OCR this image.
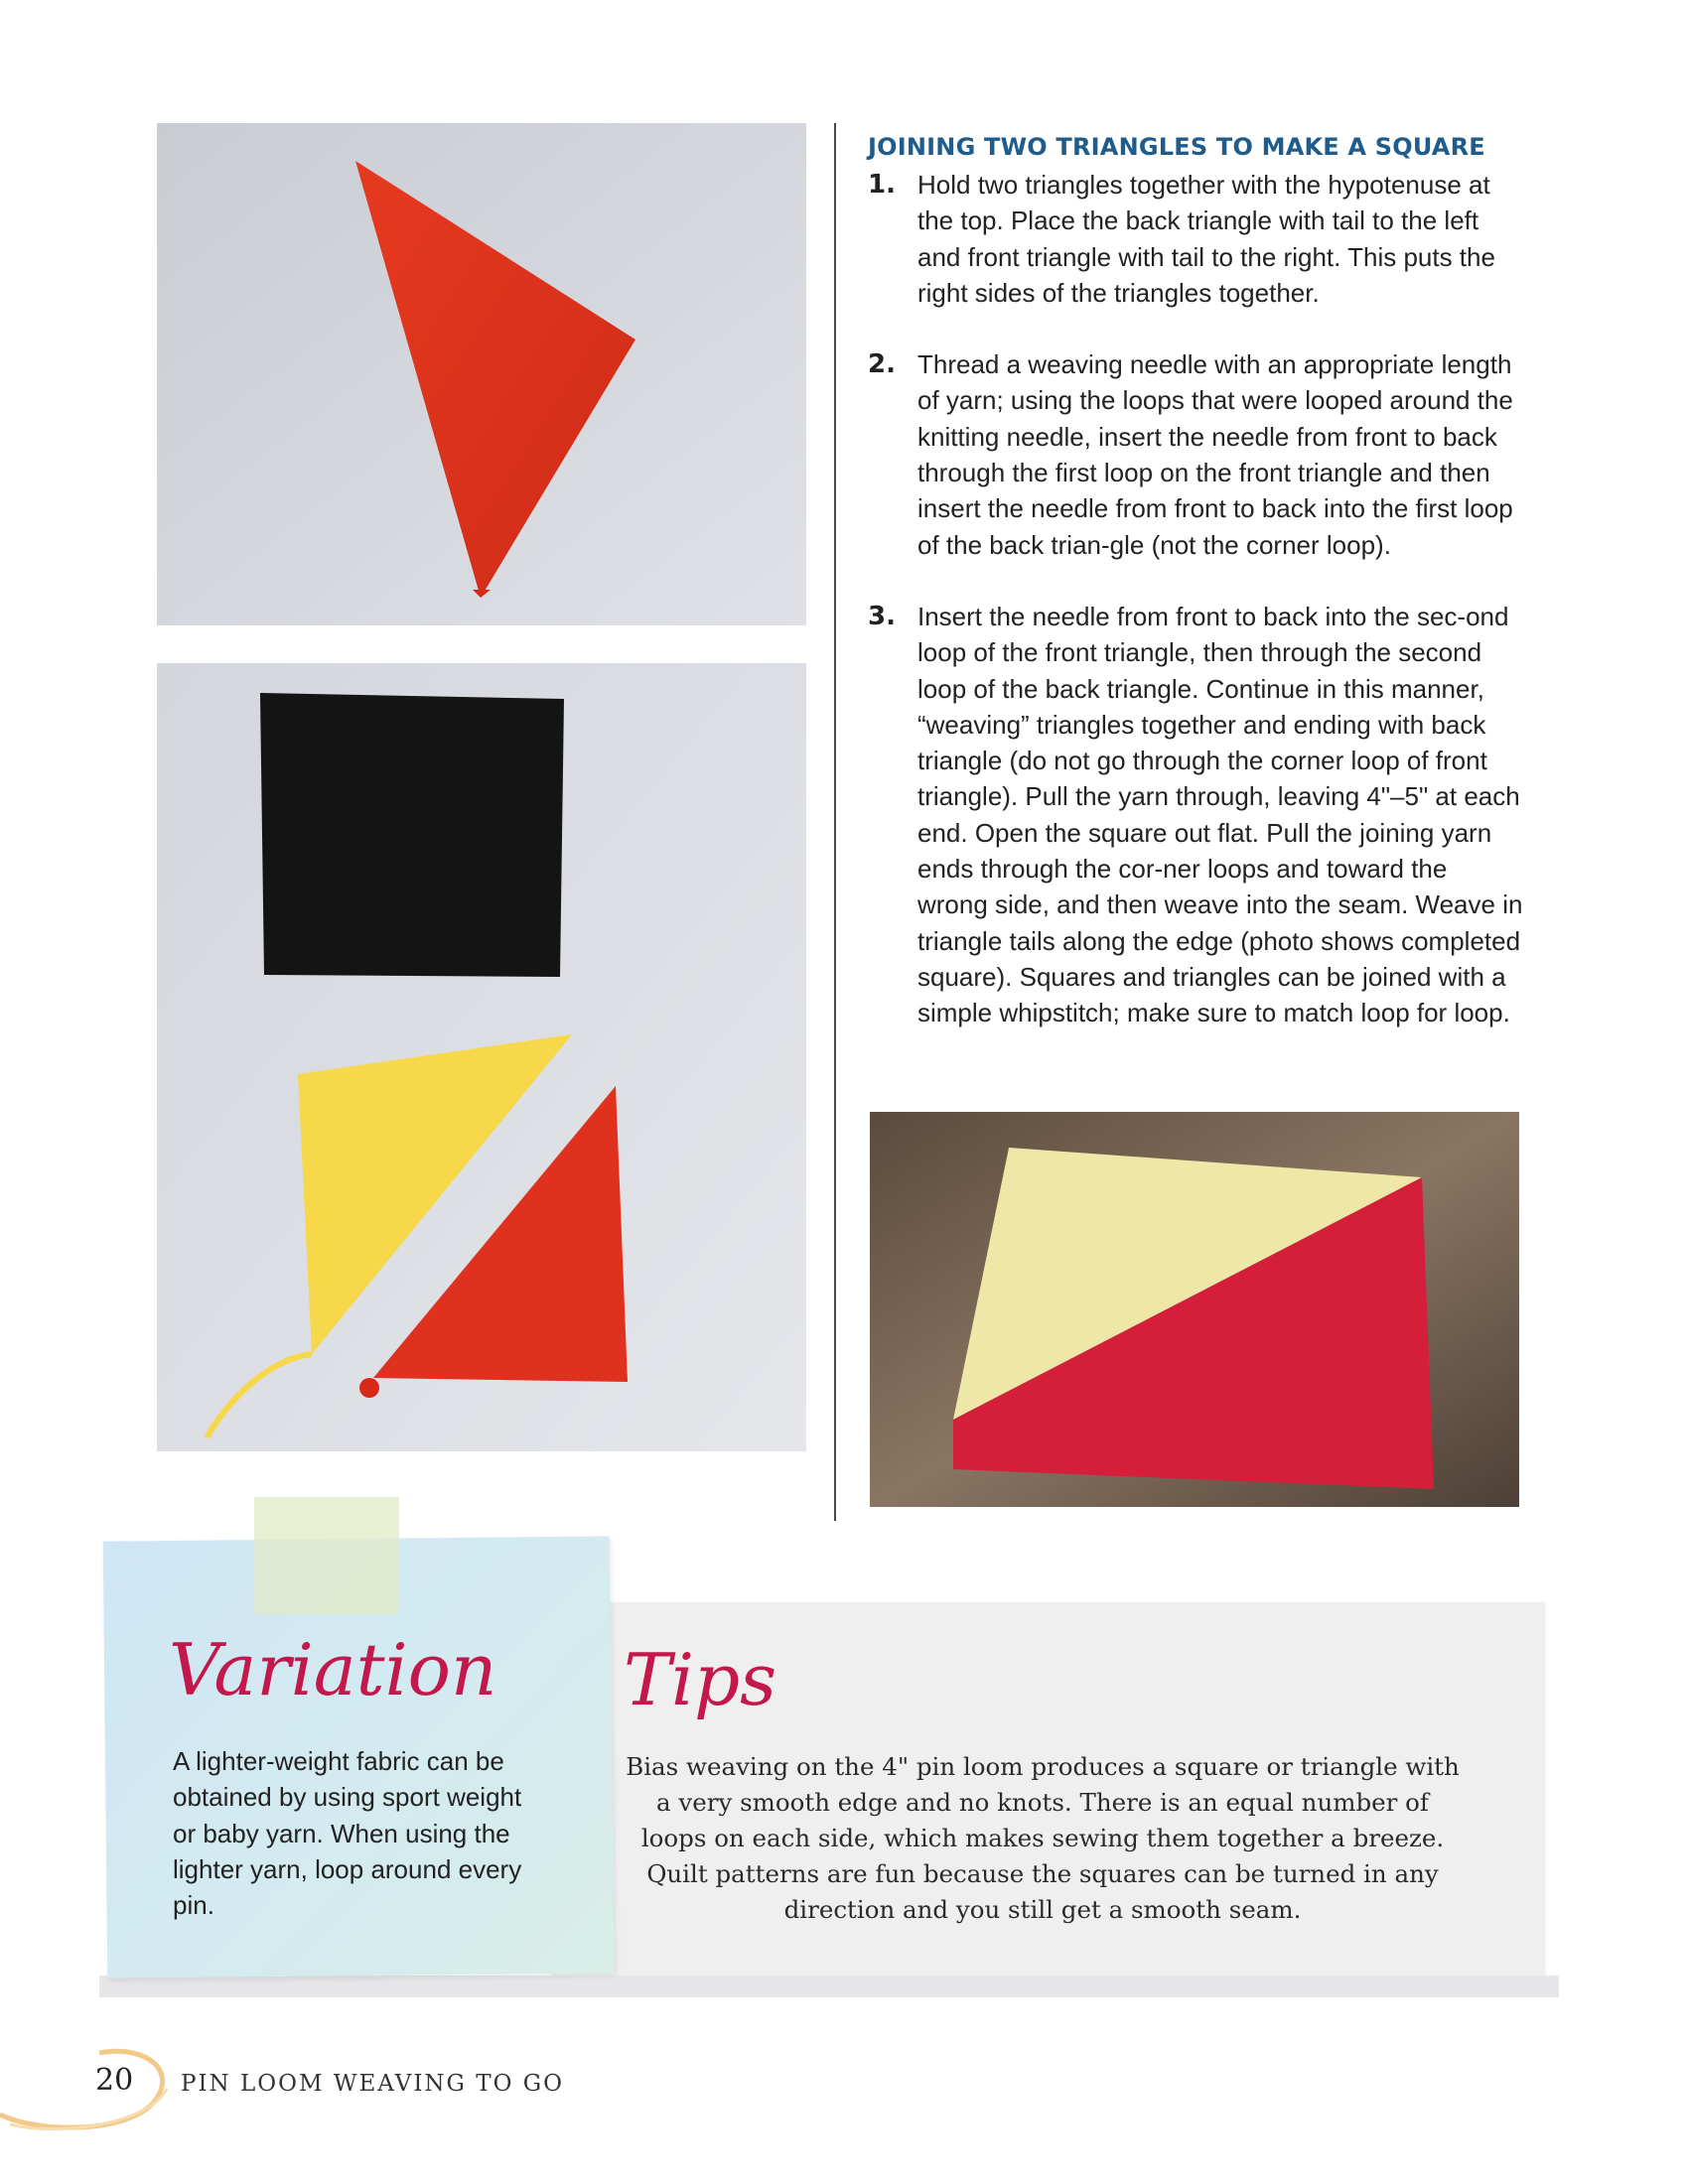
JOINING TWO TRIANGLES TO MAKE A SQUARE
1. Hold two triangles together with the hypotenuse at the top. Place the back triangle with tail to the left and front triangle with tail to the right. This puts the right sides of the triangles together.
2. Thread a weaving needle with an appropriate length of yarn; using the loops that were looped around the knitting needle, insert the needle from front to back through the first loop on the front triangle and then insert the needle from front to back into the first loop of the back trian-gle (not the corner loop).
3. Insert the needle from front to back into the sec-ond loop of the front triangle, then through the second loop of the back triangle. Continue in this manner, “weaving” triangles together and ending with back triangle (do not go through the corner loop of front triangle). Pull the yarn through, leaving 4"–5" at each end. Open the square out flat. Pull the joining yarn ends through the cor-ner loops and toward the wrong side, and then weave into the seam. Weave in triangle tails along the edge (photo shows completed square). Squares and triangles can be joined with a simple whipstitch; make sure to match loop for loop.
Variation
A lighter-weight fabric can be obtained by using sport weight or baby yarn. When using the lighter yarn, loop around every pin.
Tips
Bias weaving on the 4" pin loom produces a square or triangle with a very smooth edge and no knots. There is an equal number of loops on each side, which makes sewing them together a breeze. Quilt patterns are fun because the squares can be turned in any direction and you still get a smooth seam.
20 PIN LOOM WEAVING TO GO
